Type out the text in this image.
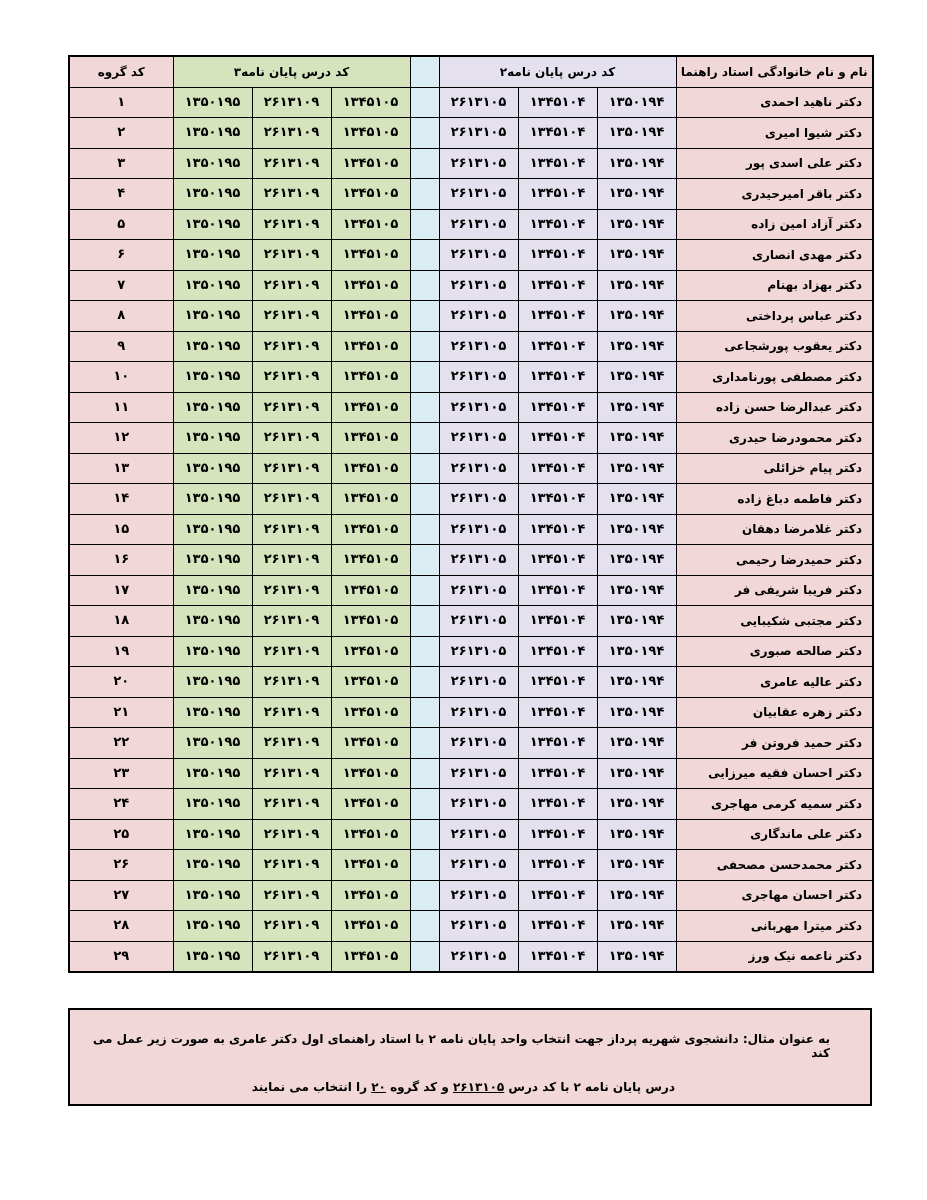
نام و نام خانوادگی استاد راهنما	کد درس پایان نامه۲				کد درس پایان نامه۳			کد گروه
دکتر ناهید احمدی	۱۳۵۰۱۹۴	۱۳۴۵۱۰۴	۲۶۱۳۱۰۵		۱۳۴۵۱۰۵	۲۶۱۳۱۰۹	۱۳۵۰۱۹۵	۱
دکتر شیوا امیری	۱۳۵۰۱۹۴	۱۳۴۵۱۰۴	۲۶۱۳۱۰۵		۱۳۴۵۱۰۵	۲۶۱۳۱۰۹	۱۳۵۰۱۹۵	۲
دکتر علی اسدی پور	۱۳۵۰۱۹۴	۱۳۴۵۱۰۴	۲۶۱۳۱۰۵		۱۳۴۵۱۰۵	۲۶۱۳۱۰۹	۱۳۵۰۱۹۵	۳
دکتر باقر امیرحیدری	۱۳۵۰۱۹۴	۱۳۴۵۱۰۴	۲۶۱۳۱۰۵		۱۳۴۵۱۰۵	۲۶۱۳۱۰۹	۱۳۵۰۱۹۵	۴
دکتر آزاد امین زاده	۱۳۵۰۱۹۴	۱۳۴۵۱۰۴	۲۶۱۳۱۰۵		۱۳۴۵۱۰۵	۲۶۱۳۱۰۹	۱۳۵۰۱۹۵	۵
دکتر مهدی انصاری	۱۳۵۰۱۹۴	۱۳۴۵۱۰۴	۲۶۱۳۱۰۵		۱۳۴۵۱۰۵	۲۶۱۳۱۰۹	۱۳۵۰۱۹۵	۶
دکتر بهزاد بهنام	۱۳۵۰۱۹۴	۱۳۴۵۱۰۴	۲۶۱۳۱۰۵		۱۳۴۵۱۰۵	۲۶۱۳۱۰۹	۱۳۵۰۱۹۵	۷
دکتر عباس پرداختی	۱۳۵۰۱۹۴	۱۳۴۵۱۰۴	۲۶۱۳۱۰۵		۱۳۴۵۱۰۵	۲۶۱۳۱۰۹	۱۳۵۰۱۹۵	۸
دکتر یعقوب پورشجاعی	۱۳۵۰۱۹۴	۱۳۴۵۱۰۴	۲۶۱۳۱۰۵		۱۳۴۵۱۰۵	۲۶۱۳۱۰۹	۱۳۵۰۱۹۵	۹
دکتر مصطفی پورنامداری	۱۳۵۰۱۹۴	۱۳۴۵۱۰۴	۲۶۱۳۱۰۵		۱۳۴۵۱۰۵	۲۶۱۳۱۰۹	۱۳۵۰۱۹۵	۱۰
دکتر عبدالرضا حسن زاده	۱۳۵۰۱۹۴	۱۳۴۵۱۰۴	۲۶۱۳۱۰۵		۱۳۴۵۱۰۵	۲۶۱۳۱۰۹	۱۳۵۰۱۹۵	۱۱
دکتر محمودرضا حیدری	۱۳۵۰۱۹۴	۱۳۴۵۱۰۴	۲۶۱۳۱۰۵		۱۳۴۵۱۰۵	۲۶۱۳۱۰۹	۱۳۵۰۱۹۵	۱۲
دکتر پیام خزائلی	۱۳۵۰۱۹۴	۱۳۴۵۱۰۴	۲۶۱۳۱۰۵		۱۳۴۵۱۰۵	۲۶۱۳۱۰۹	۱۳۵۰۱۹۵	۱۳
دکتر فاطمه دباغ زاده	۱۳۵۰۱۹۴	۱۳۴۵۱۰۴	۲۶۱۳۱۰۵		۱۳۴۵۱۰۵	۲۶۱۳۱۰۹	۱۳۵۰۱۹۵	۱۴
دکتر غلامرضا دهقان	۱۳۵۰۱۹۴	۱۳۴۵۱۰۴	۲۶۱۳۱۰۵		۱۳۴۵۱۰۵	۲۶۱۳۱۰۹	۱۳۵۰۱۹۵	۱۵
دکتر حمیدرضا رحیمی	۱۳۵۰۱۹۴	۱۳۴۵۱۰۴	۲۶۱۳۱۰۵		۱۳۴۵۱۰۵	۲۶۱۳۱۰۹	۱۳۵۰۱۹۵	۱۶
دکتر فریبا شریفی فر	۱۳۵۰۱۹۴	۱۳۴۵۱۰۴	۲۶۱۳۱۰۵		۱۳۴۵۱۰۵	۲۶۱۳۱۰۹	۱۳۵۰۱۹۵	۱۷
دکتر مجتبی شکیبایی	۱۳۵۰۱۹۴	۱۳۴۵۱۰۴	۲۶۱۳۱۰۵		۱۳۴۵۱۰۵	۲۶۱۳۱۰۹	۱۳۵۰۱۹۵	۱۸
دکتر صالحه صبوری	۱۳۵۰۱۹۴	۱۳۴۵۱۰۴	۲۶۱۳۱۰۵		۱۳۴۵۱۰۵	۲۶۱۳۱۰۹	۱۳۵۰۱۹۵	۱۹
دکتر عالیه عامری	۱۳۵۰۱۹۴	۱۳۴۵۱۰۴	۲۶۱۳۱۰۵		۱۳۴۵۱۰۵	۲۶۱۳۱۰۹	۱۳۵۰۱۹۵	۲۰
دکتر زهره عقابیان	۱۳۵۰۱۹۴	۱۳۴۵۱۰۴	۲۶۱۳۱۰۵		۱۳۴۵۱۰۵	۲۶۱۳۱۰۹	۱۳۵۰۱۹۵	۲۱
دکتر حمید فروتن فر	۱۳۵۰۱۹۴	۱۳۴۵۱۰۴	۲۶۱۳۱۰۵		۱۳۴۵۱۰۵	۲۶۱۳۱۰۹	۱۳۵۰۱۹۵	۲۲
دکتر احسان فقیه میرزایی	۱۳۵۰۱۹۴	۱۳۴۵۱۰۴	۲۶۱۳۱۰۵		۱۳۴۵۱۰۵	۲۶۱۳۱۰۹	۱۳۵۰۱۹۵	۲۳
دکتر سمیه کرمی مهاجری	۱۳۵۰۱۹۴	۱۳۴۵۱۰۴	۲۶۱۳۱۰۵		۱۳۴۵۱۰۵	۲۶۱۳۱۰۹	۱۳۵۰۱۹۵	۲۴
دکتر علی ماندگاری	۱۳۵۰۱۹۴	۱۳۴۵۱۰۴	۲۶۱۳۱۰۵		۱۳۴۵۱۰۵	۲۶۱۳۱۰۹	۱۳۵۰۱۹۵	۲۵
دکتر محمدحسن مصحفی	۱۳۵۰۱۹۴	۱۳۴۵۱۰۴	۲۶۱۳۱۰۵		۱۳۴۵۱۰۵	۲۶۱۳۱۰۹	۱۳۵۰۱۹۵	۲۶
دکتر احسان مهاجری	۱۳۵۰۱۹۴	۱۳۴۵۱۰۴	۲۶۱۳۱۰۵		۱۳۴۵۱۰۵	۲۶۱۳۱۰۹	۱۳۵۰۱۹۵	۲۷
دکتر میترا مهربانی	۱۳۵۰۱۹۴	۱۳۴۵۱۰۴	۲۶۱۳۱۰۵		۱۳۴۵۱۰۵	۲۶۱۳۱۰۹	۱۳۵۰۱۹۵	۲۸
دکتر ناعمه نیک ورز	۱۳۵۰۱۹۴	۱۳۴۵۱۰۴	۲۶۱۳۱۰۵		۱۳۴۵۱۰۵	۲۶۱۳۱۰۹	۱۳۵۰۱۹۵	۲۹
به عنوان مثال: دانشجوی شهریه پرداز جهت انتخاب واحد پایان نامه ۲ با استاد راهنمای اول دکتر عامری به صورت زیر عمل می کند
درس پایان نامه ۲ با کد درس ۲۶۱۳۱۰۵ و کد گروه ۲۰ را انتخاب می نمایند
